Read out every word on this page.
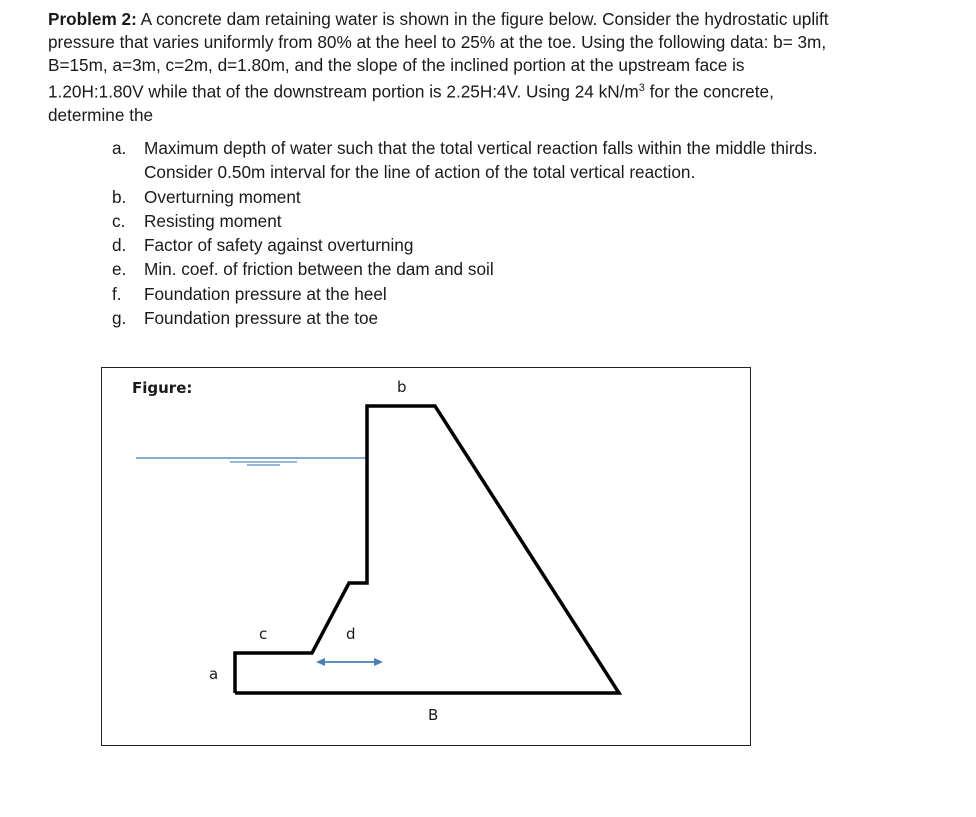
Problem 2: A concrete dam retaining water is shown in the figure below. Consider the hydrostatic uplift
pressure that varies uniformly from 80% at the heel to 25% at the toe. Using the following data: b= 3m,
B=15m, a=3m, c=2m, d=1.80m, and the slope of the inclined portion at the upstream face is
1.20H:1.80V while that of the downstream portion is 2.25H:4V. Using 24 $kN/m^3$ for the concrete,
determine the
a. Maximum depth of water such that the total vertical reaction falls within the middle thirds.
Consider 0.50m interval for the line of action of the total vertical reaction.
b. Overturning moment
c. Resisting moment
d. Factor of safety against overturning
e. Min. coef. of friction between the dam and soil
f. Foundation pressure at the heel
g. Foundation pressure at the toe
Figure:	b
c	d
a
B
